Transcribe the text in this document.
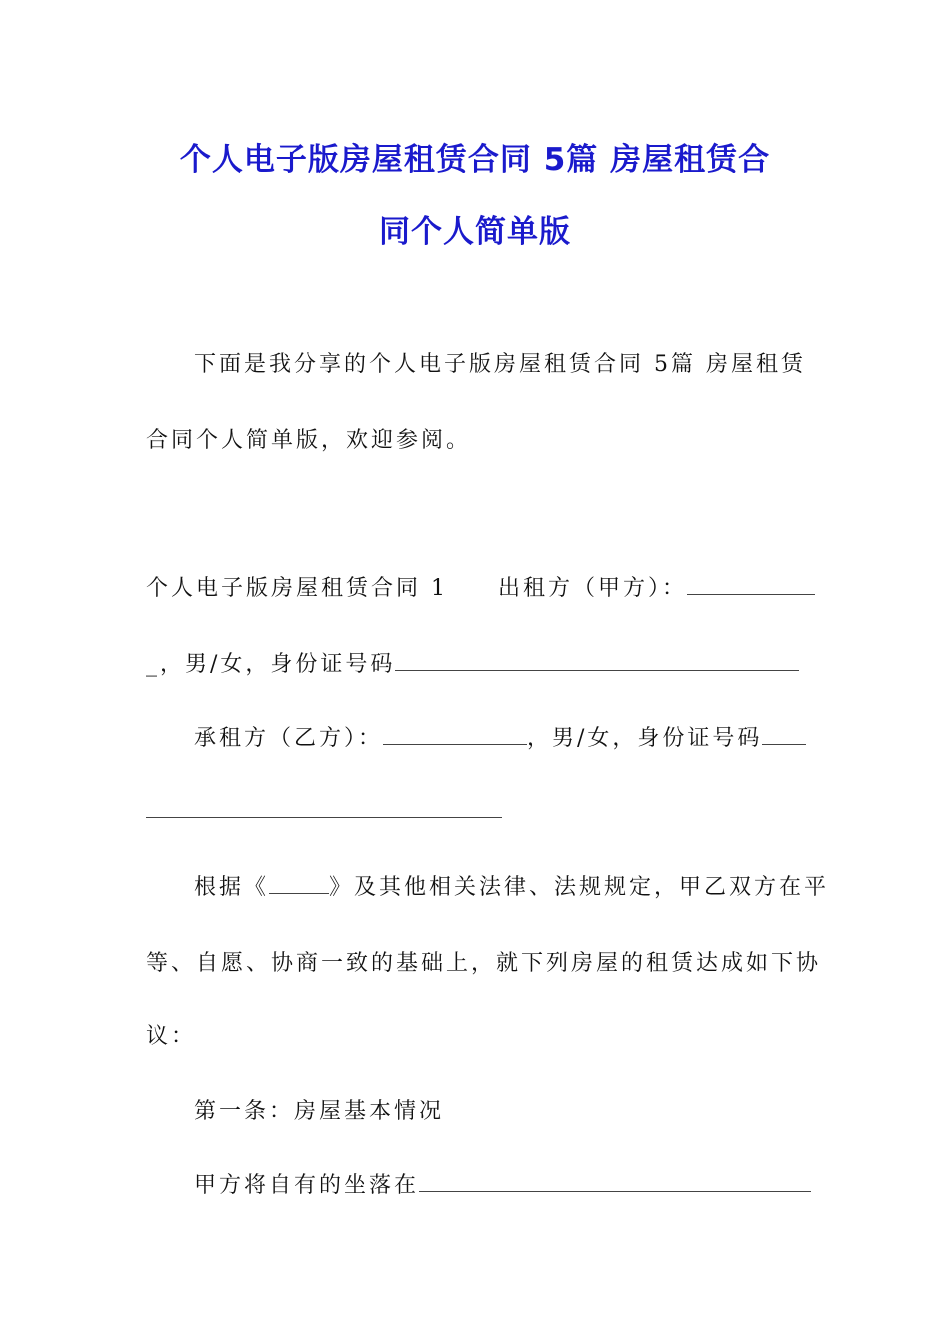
个人电子版房屋租赁合同 5篇 房屋租赁合
同个人简单版

下面是我分享的个人电子版房屋租赁合同 5篇 房屋租赁

合同个人简单版，欢迎参阅。

个人电子版房屋租赁合同 1 出租方（甲方）：

_，男/女，身份证号码

承租方（乙方）：	，男/女，身份证号码

根据《	》及其他相关法律、法规规定，甲乙双方在平

等、自愿、协商一致的基础上，就下列房屋的租赁达成如下协

议：

第一条：房屋基本情况

甲方将自有的坐落在
